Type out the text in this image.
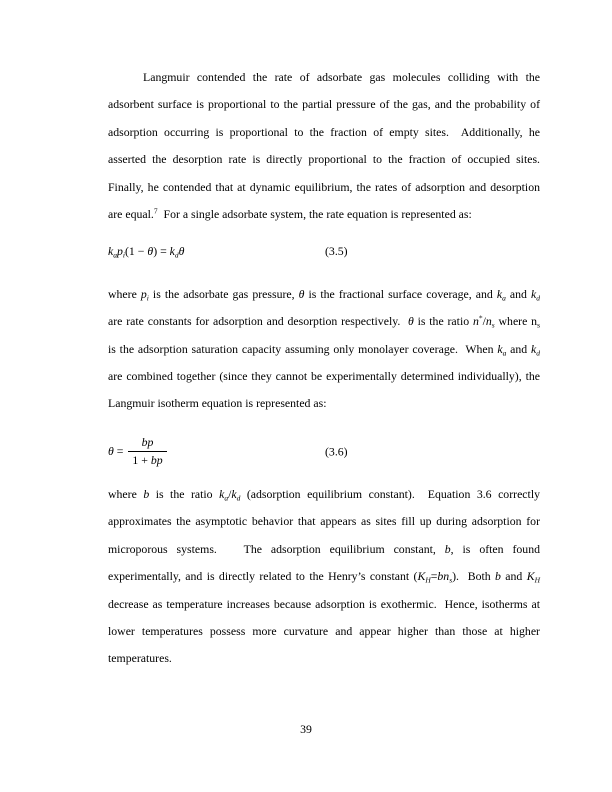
Langmuir contended the rate of adsorbate gas molecules colliding with the
adsorbent surface is proportional to the partial pressure of the gas, and the probability of
adsorption occurring is proportional to the fraction of empty sites.  Additionally, he
asserted the desorption rate is directly proportional to the fraction of occupied sites.
Finally, he contended that at dynamic equilibrium, the rates of adsorption and desorption
are equal.$^7$  For a single adsorbate system, the rate equation is represented as:
$k_ap_i(1 - \theta) = k_d\theta$	(3.5)
where $p_i$ is the adsorbate gas pressure, θ is the fractional surface coverage, and $k_a$ and $k_d$
are rate constants for adsorption and desorption respectively.  θ is the ratio $n^*/n_s$ where $n_s$
is the adsorption saturation capacity assuming only monolayer coverage.  When $k_a$ and $k_d$
are combined together (since they cannot be experimentally determined individually), the
Langmuir isotherm equation is represented as:
$\theta = \frac{bp}{1 + bp}$	(3.6)
where b is the ratio $k_a/k_d$ (adsorption equilibrium constant).  Equation 3.6 correctly
approximates the asymptotic behavior that appears as sites fill up during adsorption for
microporous systems.   The adsorption equilibrium constant, b, is often found
experimentally, and is directly related to the Henry’s constant $(K_H=bn_s)$.  Both b and $K_H$
decrease as temperature increases because adsorption is exothermic.  Hence, isotherms at
lower temperatures possess more curvature and appear higher than those at higher
temperatures.
39
